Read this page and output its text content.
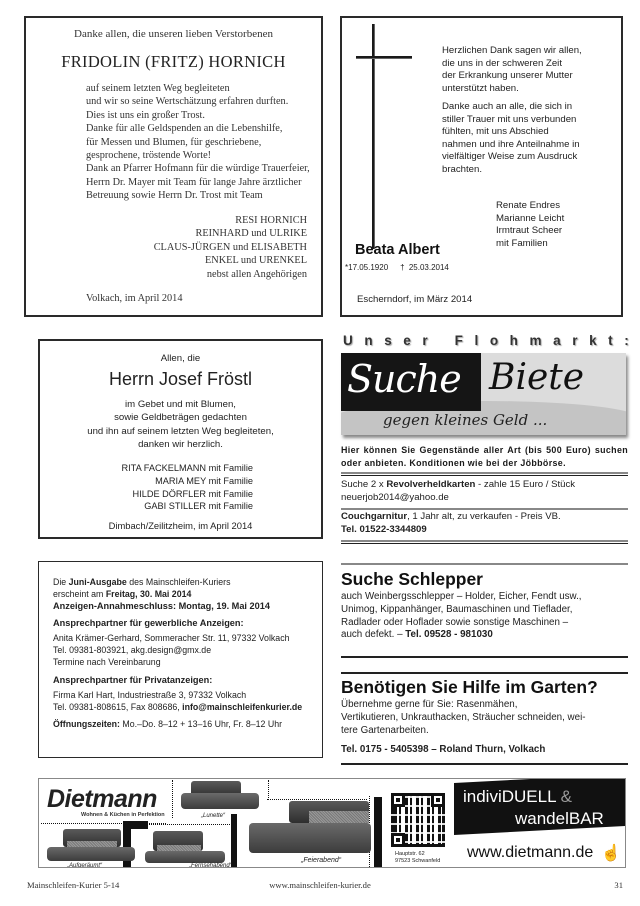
Danke allen, die unseren lieben Verstorbenen
FRIDOLIN (FRITZ) HORNICH
auf seinem letzten Weg begleiteten
und wir so seine Wertschätzung erfahren durften.
Dies ist uns ein großer Trost.
Danke für alle Geldspenden an die Lebenshilfe,
für Messen und Blumen, für geschriebene,
gesprochene, tröstende Worte!
Dank an Pfarrer Hofmann für die würdige Trauerfeier,
Herrn Dr. Mayer mit Team für lange Jahre ärztlicher
Betreuung sowie Herrn Dr. Trost mit Team
RESI HORNICH
REINHARD und ULRIKE
CLAUS-JÜRGEN und ELISABETH
ENKEL und URENKEL
nebst allen Angehörigen
Volkach, im April 2014
Herzlichen Dank sagen wir allen,
die uns in der schweren Zeit
der Erkrankung unserer Mutter
unterstützt haben.
Danke auch an alle, die sich in
stiller Trauer mit uns verbunden
fühlten, mit uns Abschied
nahmen und ihre Anteilnahme in
vielfältiger Weise zum Ausdruck
brachten.
Renate Endres
Marianne Leicht
Irmtraut Scheer
mit Familien
Beata Albert
*17.05.1920 † 25.03.2014
Escherndorf, im März 2014
Allen, die
Herrn Josef Fröstl
im Gebet und mit Blumen,
sowie Geldbeträgen gedachten
und ihn auf seinem letzten Weg begleiteten,
danken wir herzlich.
RITA FACKELMANN mit Familie
MARIA MEY mit Familie
HILDE DÖRFLER mit Familie
GABI STILLER mit Familie
Dimbach/Zeilitzheim, im April 2014
Unser Flohmarkt:
Suche Biete
gegen kleines Geld ...
Hier können Sie Gegenstände aller Art (bis 500 Euro) suchen oder anbieten. Konditionen wie bei der Jöbbörse.
Suche 2 x Revolverheldkarten - zahle 15 Euro / Stück
neuerjob2014@yahoo.de
Couchgarnitur, 1 Jahr alt, zu verkaufen - Preis VB.
Tel. 01522-3344809
Die Juni-Ausgabe des Mainschleifen-Kuriers
erscheint am Freitag, 30. Mai 2014
Anzeigen-Annahmeschluss: Montag, 19. Mai 2014
Ansprechpartner für gewerbliche Anzeigen:
Anita Krämer-Gerhard, Sommeracher Str. 11, 97332 Volkach
Tel. 09381-803921, akg.design@gmx.de
Termine nach Vereinbarung
Ansprechpartner für Privatanzeigen:
Firma Karl Hart, Industriestraße 3, 97332 Volkach
Tel. 09381-808615, Fax 808686, info@mainschleifenkurier.de
Öffnungszeiten: Mo.–Do. 8–12 + 13–16 Uhr, Fr. 8–12 Uhr
Suche Schlepper
auch Weinbergsschlepper – Holder, Eicher, Fendt usw.,
Unimog, Kippanhänger, Baumaschinen und Tieflader,
Radlader oder Hoflader sowie sonstige Maschinen –
auch defekt. – Tel. 09528 - 981030
Benötigen Sie Hilfe im Garten?
Übernehme gerne für Sie: Rasenmähen,
Vertikutieren, Unkrauthacken, Sträucher schneiden, wei-
tere Gartenarbeiten.
Tel. 0175 - 5405398 – Roland Thurn, Volkach
Dietmann
Wohnen & Küchen in Perfektion	„Lunette“
„Aufgeräumt“	„Fernsehabend“
„Feierabend“
Hauptstr. 62
97523 Schwanfeld
indiviDUELL &
wandelBAR
www.dietmann.de ☝
Mainschleifen-Kurier 5-14	www.mainschleifen-kurier.de	31
